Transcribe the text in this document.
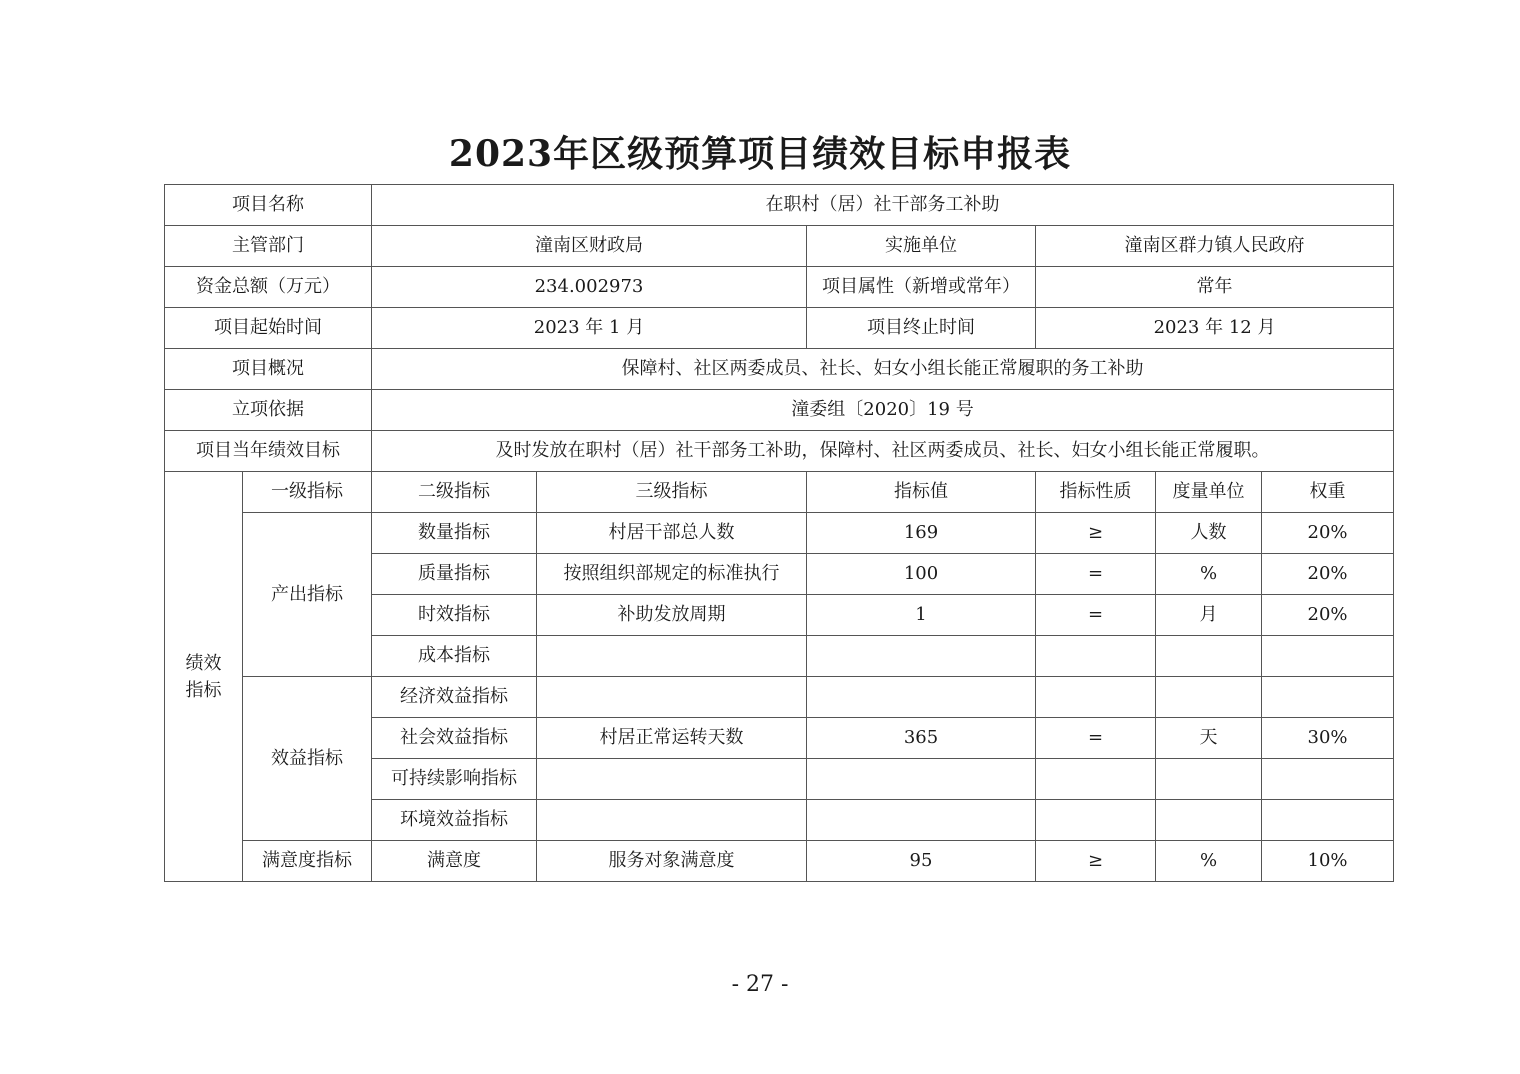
2023年区级预算项目绩效目标申报表
项目名称		在职村（居）社干部务工补助					
主管部门		潼南区财政局		实施单位	潼南区群力镇人民政府		
资金总额（万元）		234.002973		项目属性（新增或常年）	常年		
项目起始时间		2023 年 1 月		项目终止时间	2023 年 12 月		
项目概况		保障村、社区两委成员、社长、妇女小组长能正常履职的务工补助					
立项依据		潼委组〔2020〕19 号					
项目当年绩效目标		及时发放在职村（居）社干部务工补助，保障村、社区两委成员、社长、妇女小组长能正常履职。					
绩效指标	一级指标	二级指标	三级指标	指标值	指标性质	度量单位	权重
	产出指标	数量指标	村居干部总人数	169	≥	人数	20%
		质量指标	按照组织部规定的标准执行	100	=	%	20%
		时效指标	补助发放周期	1	=	月	20%
		成本指标					
	效益指标	经济效益指标					
		社会效益指标	村居正常运转天数	365	=	天	30%
		可持续影响指标					
		环境效益指标					
	满意度指标	满意度	服务对象满意度	95	≥	%	10%
- 27 -
